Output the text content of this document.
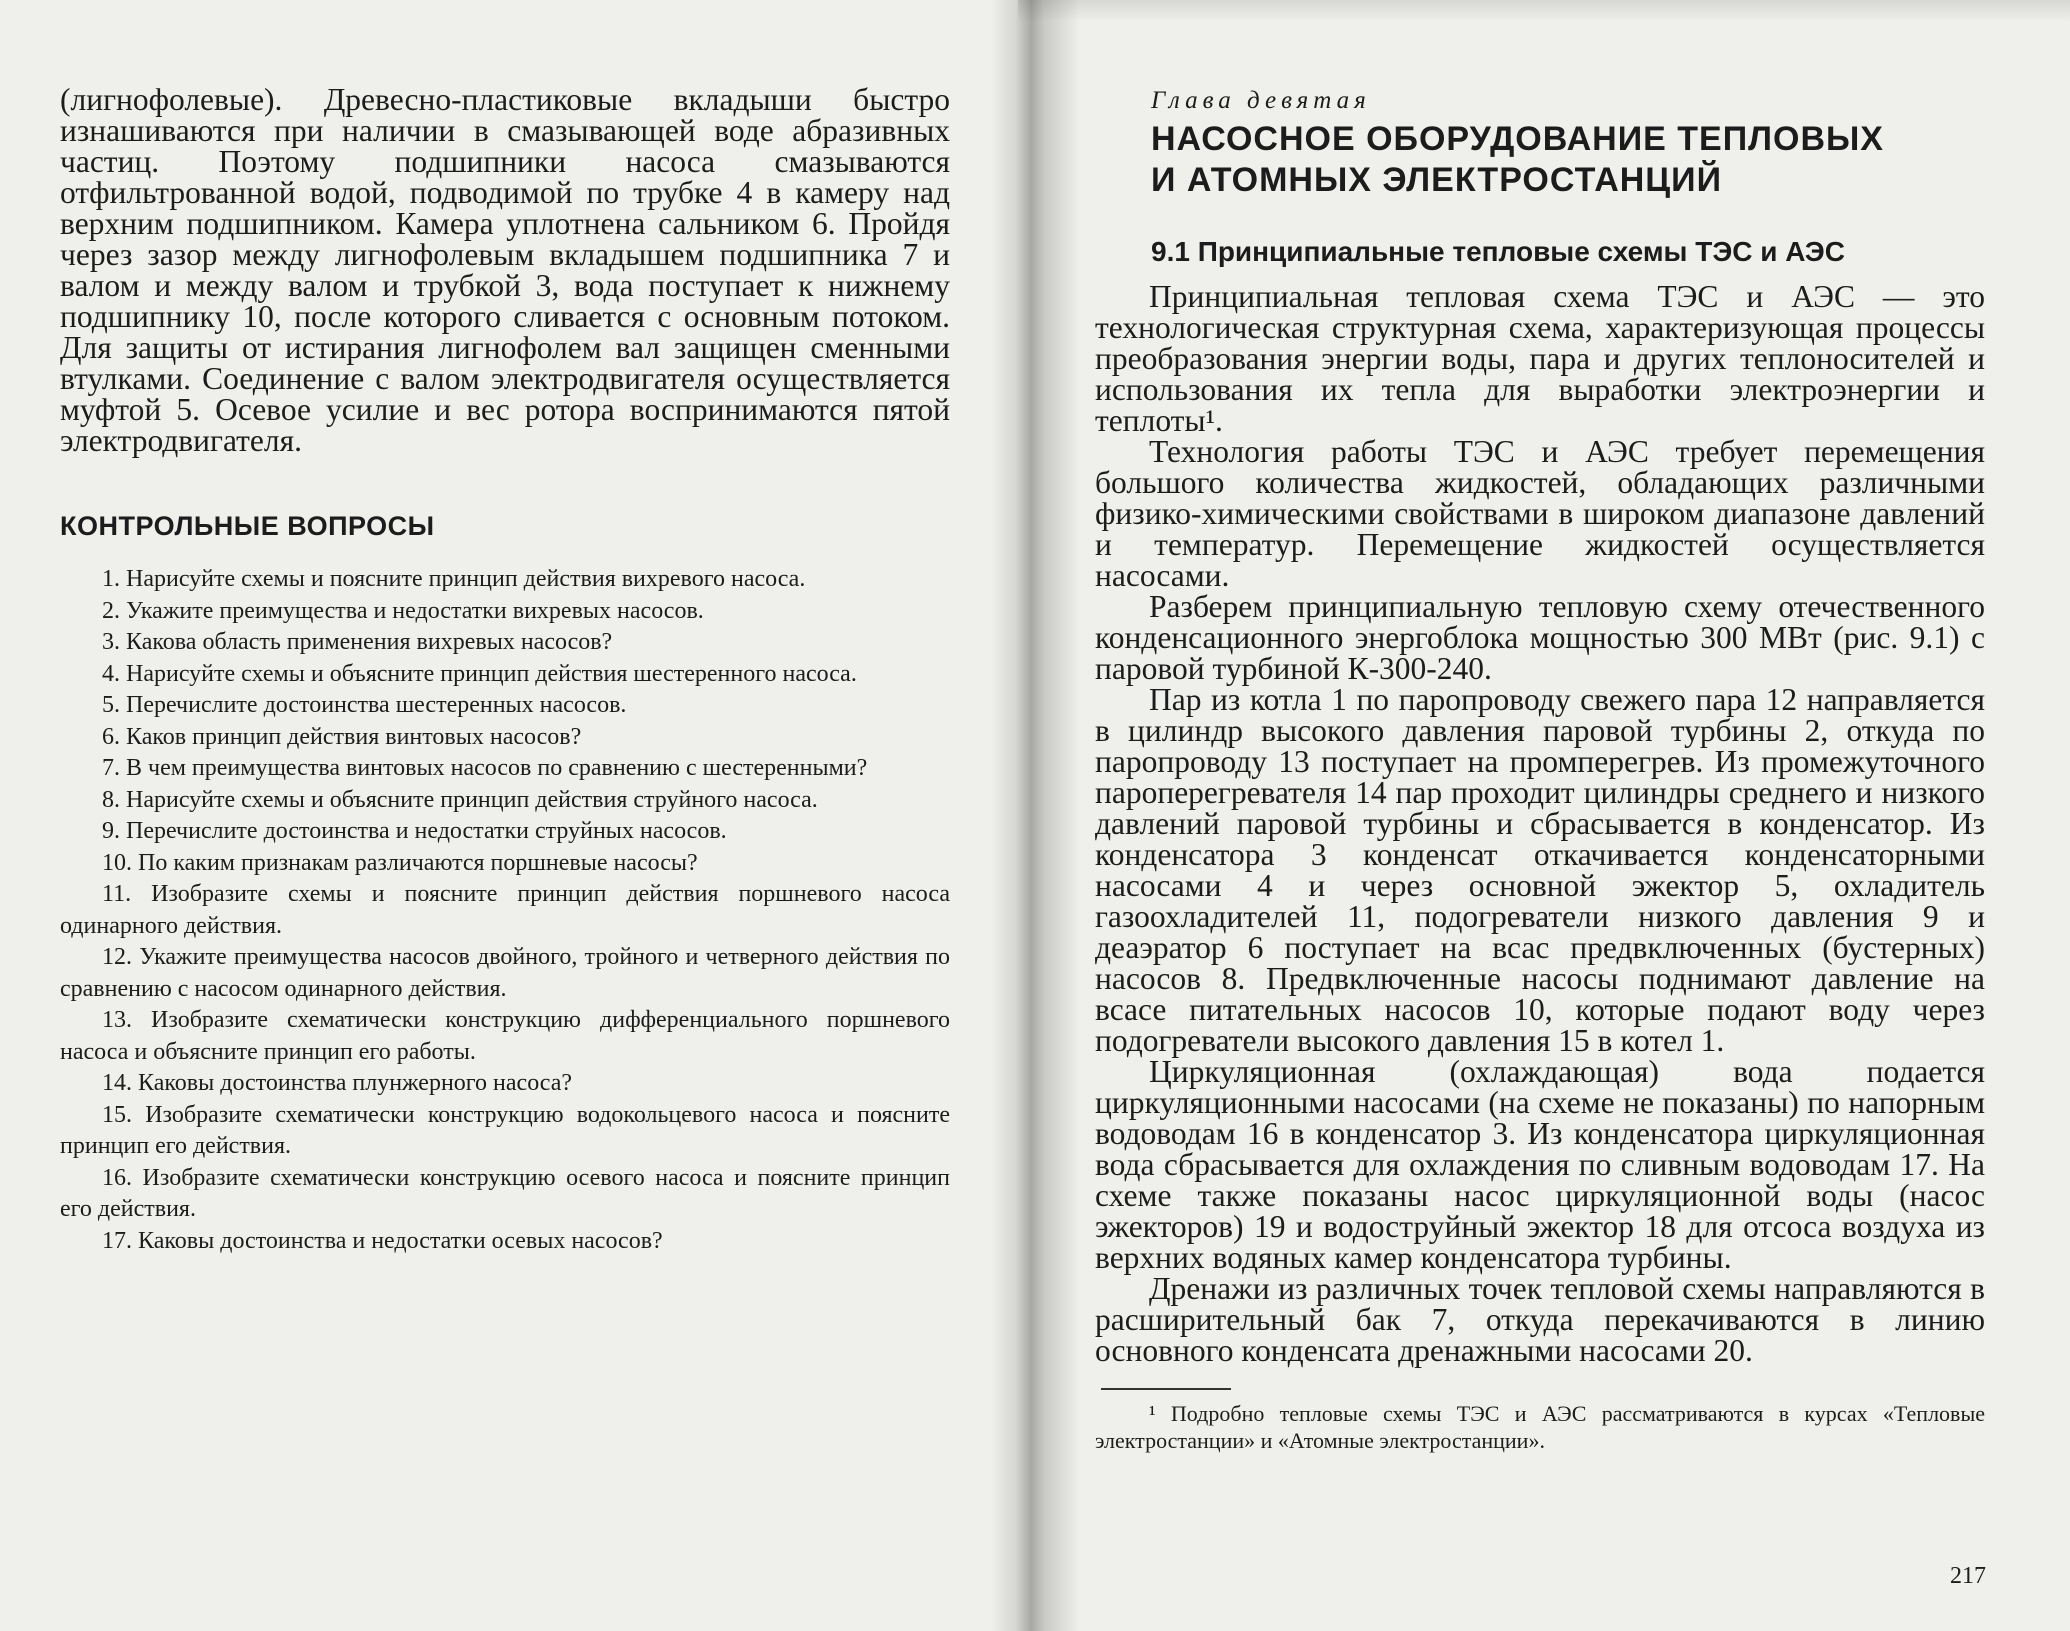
(лигнофолевые). Древесно-пластиковые вкладыши быстро изнашиваются при наличии в смазывающей воде абразивных частиц. Поэтому подшипники насоса смазываются отфильтрованной водой, подводимой по трубке 4 в камеру над верхним подшипником. Камера уплотнена сальником 6. Пройдя через зазор между лигнофолевым вкладышем подшипника 7 и валом и между валом и трубкой 3, вода поступает к нижнему подшипнику 10, после которого сливается с основным потоком. Для защиты от истирания лигнофолем вал защищен сменными втулками. Соединение с валом электродвигателя осуществляется муфтой 5. Осевое усилие и вес ротора воспринимаются пятой электродвигателя.

КОНТРОЛЬНЫЕ ВОПРОСЫ
1. Нарисуйте схемы и поясните принцип действия вихревого насоса.
2. Укажите преимущества и недостатки вихревых насосов.
3. Какова область применения вихревых насосов?
4. Нарисуйте схемы и объясните принцип действия шестеренного насоса.
5. Перечислите достоинства шестеренных насосов.
6. Каков принцип действия винтовых насосов?
7. В чем преимущества винтовых насосов по сравнению с шестеренными?
8. Нарисуйте схемы и объясните принцип действия струйного насоса.
9. Перечислите достоинства и недостатки струйных насосов.
10. По каким признакам различаются поршневые насосы?
11. Изобразите схемы и поясните принцип действия поршневого насоса одинарного действия.
12. Укажите преимущества насосов двойного, тройного и четверного действия по сравнению с насосом одинарного действия.
13. Изобразите схематически конструкцию дифференциального поршневого насоса и объясните принцип его работы.
14. Каковы достоинства плунжерного насоса?
15. Изобразите схематически конструкцию водокольцевого насоса и поясните принцип его действия.
16. Изобразите схематически конструкцию осевого насоса и поясните принцип его действия.
17. Каковы достоинства и недостатки осевых насосов?
Глава девятая
НАСОСНОЕ ОБОРУДОВАНИЕ ТЕПЛОВЫХ И АТОМНЫХ ЭЛЕКТРОСТАНЦИЙ
9.1 Принципиальные тепловые схемы ТЭС и АЭС

Принципиальная тепловая схема ТЭС и АЭС — это технологическая структурная схема, характеризующая процессы преобразования энергии воды, пара и других теплоносителей и использования их тепла для выработки электроэнергии и теплоты¹.

Технология работы ТЭС и АЭС требует перемещения большого количества жидкостей, обладающих различными физико-химическими свойствами в широком диапазоне давлений и температур. Перемещение жидкостей осуществляется насосами.

Разберем принципиальную тепловую схему отечественного конденсационного энергоблока мощностью 300 МВт (рис. 9.1) с паровой турбиной К-300-240.

Пар из котла 1 по паропроводу свежего пара 12 направляется в цилиндр высокого давления паровой турбины 2, откуда по паропроводу 13 поступает на промперегрев. Из промежуточного пароперегревателя 14 пар проходит цилиндры среднего и низкого давлений паровой турбины и сбрасывается в конденсатор. Из конденсатора 3 конденсат откачивается конденсаторными насосами 4 и через основной эжектор 5, охладитель газоохладителей 11, подогреватели низкого давления 9 и деаэратор 6 поступает на всас предвключенных (бустерных) насосов 8. Предвключенные насосы поднимают давление на всасе питательных насосов 10, которые подают воду через подогреватели высокого давления 15 в котел 1.

Циркуляционная (охлаждающая) вода подается циркуляционными насосами (на схеме не показаны) по напорным водоводам 16 в конденсатор 3. Из конденсатора циркуляционная вода сбрасывается для охлаждения по сливным водоводам 17. На схеме также показаны насос циркуляционной воды (насос эжекторов) 19 и водоструйный эжектор 18 для отсоса воздуха из верхних водяных камер конденсатора турбины.

Дренажи из различных точек тепловой схемы направляются в расширительный бак 7, откуда перекачиваются в линию основного конденсата дренажными насосами 20.

¹ Подробно тепловые схемы ТЭС и АЭС рассматриваются в курсах «Тепловые электростанции» и «Атомные электростанции».

217
